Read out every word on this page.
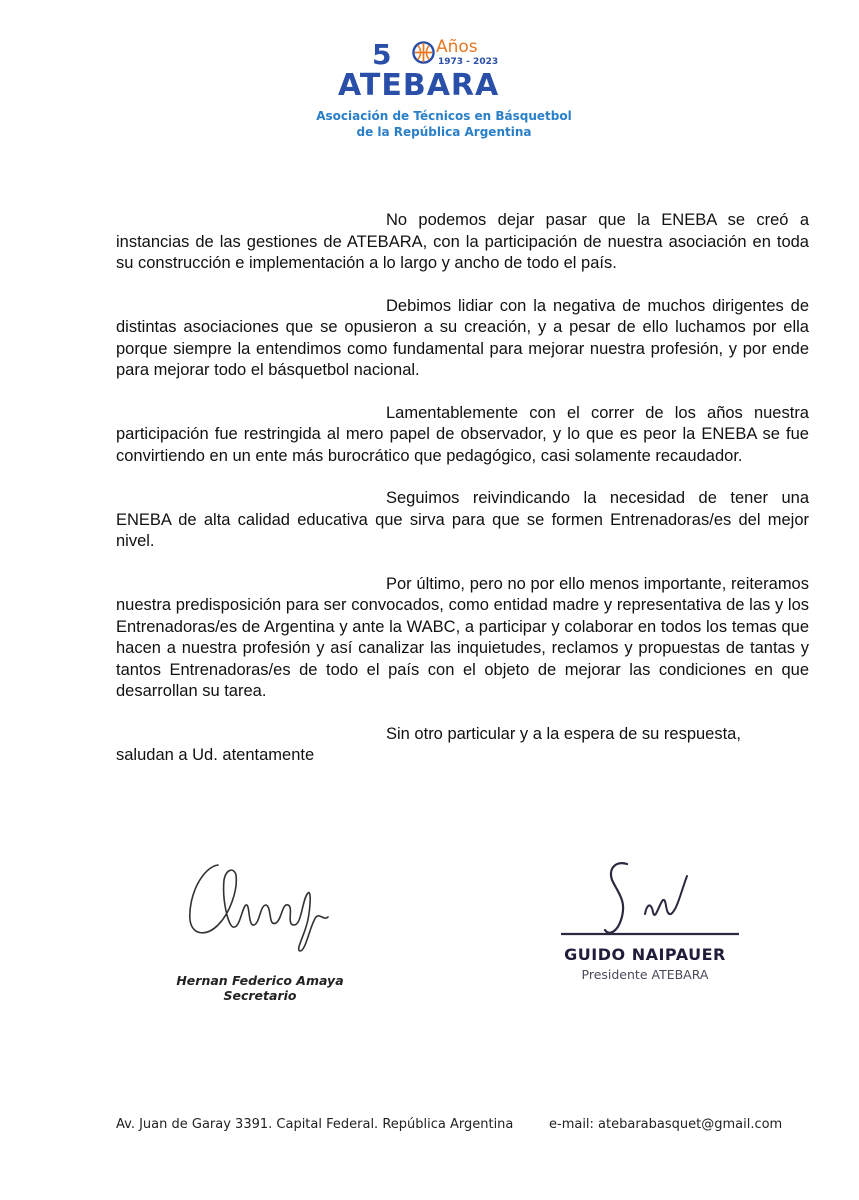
5	Años
1973 - 2023
ATEBARA
Asociación de Técnicos en Básquetbol
de la República Argentina

No podemos dejar pasar que la ENEBA se creó a instancias de las gestiones de ATEBARA, con la participación de nuestra asociación en toda su construcción e implementación a lo largo y ancho de todo el país.

Debimos lidiar con la negativa de muchos dirigentes de distintas asociaciones que se opusieron a su creación, y a pesar de ello luchamos por ella porque siempre la entendimos como fundamental para mejorar nuestra profesión, y por ende para mejorar todo el básquetbol nacional.

Lamentablemente con el correr de los años nuestra participación fue restringida al mero papel de observador, y lo que es peor la ENEBA se fue convirtiendo en un ente más burocrático que pedagógico, casi solamente recaudador.

Seguimos reivindicando la necesidad de tener una ENEBA de alta calidad educativa que sirva para que se formen Entrenadoras/es del mejor nivel.

Por último, pero no por ello menos importante, reiteramos nuestra predisposición para ser convocados, como entidad madre y representativa de las y los Entrenadoras/es de Argentina y ante la WABC, a participar y colaborar en todos los temas que hacen a nuestra profesión y así canalizar las inquietudes, reclamos y propuestas de tantas y tantos Entrenadoras/es de todo el país con el objeto de mejorar las condiciones en que desarrollan su tarea.

Sin otro particular y a la espera de su respuesta,

saludan a Ud. atentamente

Hernan Federico Amaya
Secretario
GUIDO NAIPAUER
Presidente ATEBARA
Av. Juan de Garay 3391. Capital Federal. República Argentina	e-mail: atebarabasquet@gmail.com
